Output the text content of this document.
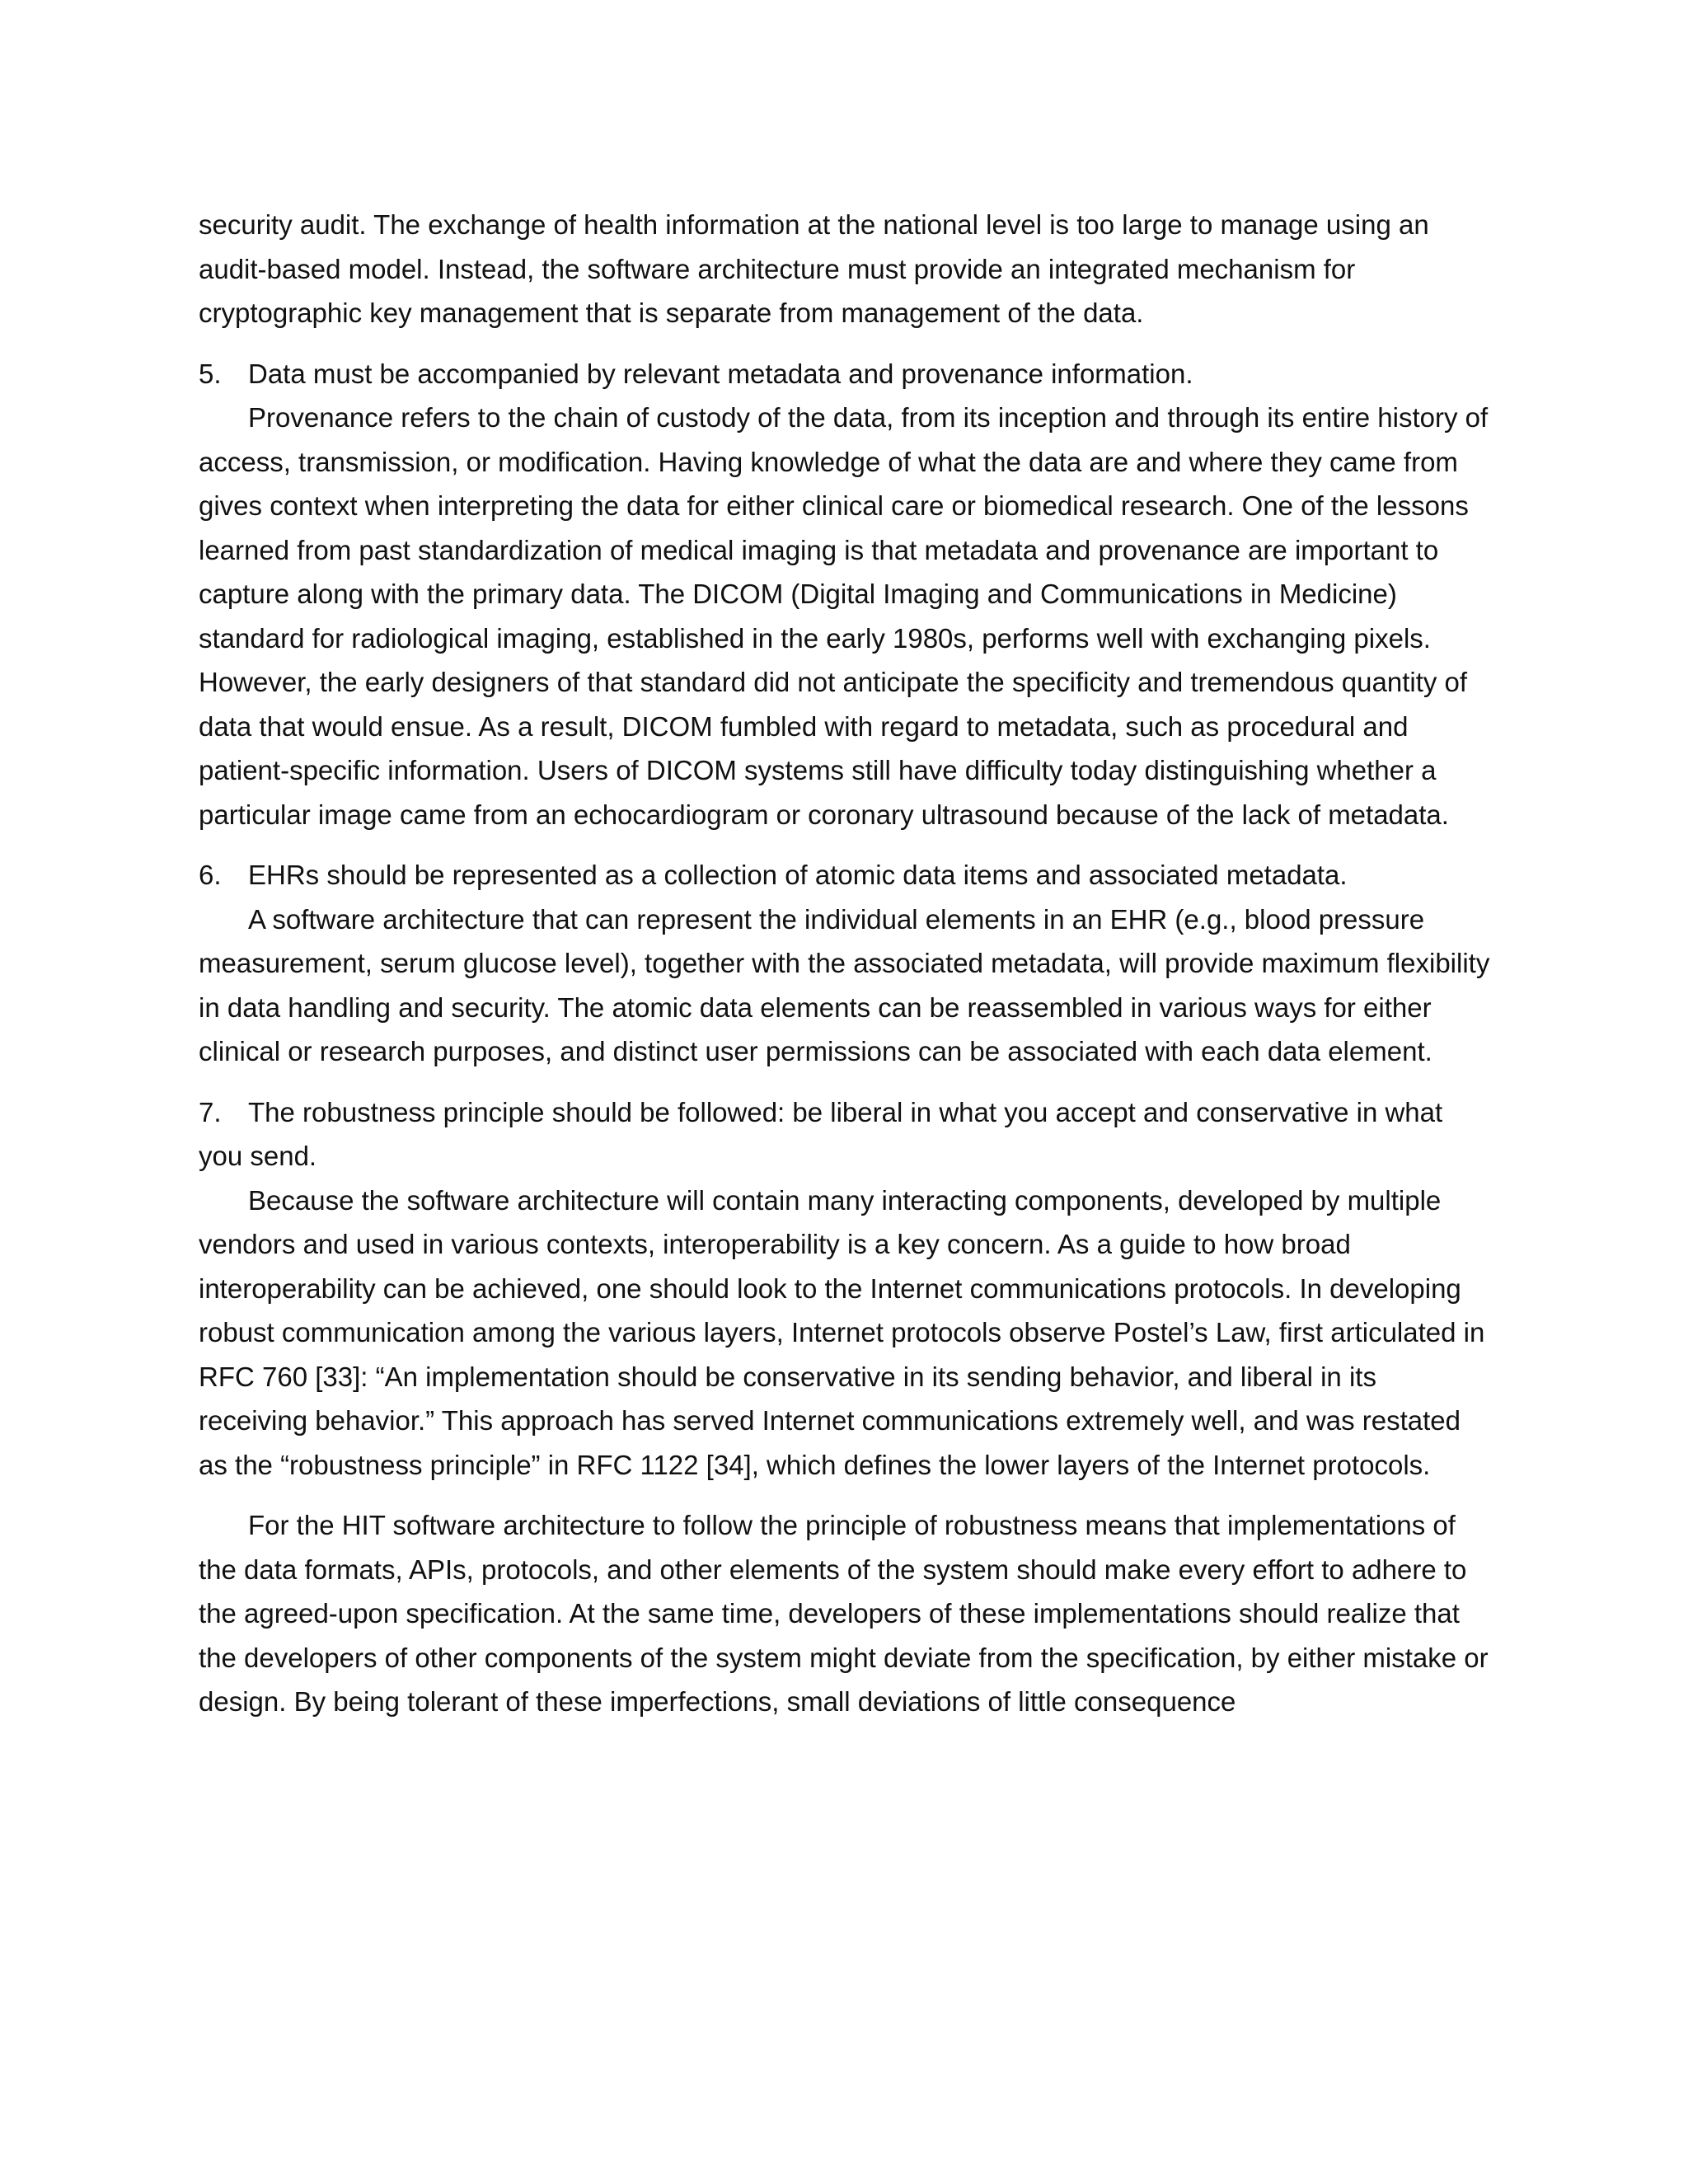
security audit. The exchange of health information at the national level is too large to manage using an audit-based model. Instead, the software architecture must provide an integrated mechanism for cryptographic key management that is separate from management of the data.

5. Data must be accompanied by relevant metadata and provenance information.

Provenance refers to the chain of custody of the data, from its inception and through its entire history of access, transmission, or modification. Having knowledge of what the data are and where they came from gives context when interpreting the data for either clinical care or biomedical research. One of the lessons learned from past standardization of medical imaging is that metadata and provenance are important to capture along with the primary data. The DICOM (Digital Imaging and Communications in Medicine) standard for radiological imaging, established in the early 1980s, performs well with exchanging pixels. However, the early designers of that standard did not anticipate the specificity and tremendous quantity of data that would ensue. As a result, DICOM fumbled with regard to metadata, such as procedural and patient-specific information. Users of DICOM systems still have difficulty today distinguishing whether a particular image came from an echocardiogram or coronary ultrasound because of the lack of metadata.

6. EHRs should be represented as a collection of atomic data items and associated metadata.

A software architecture that can represent the individual elements in an EHR (e.g., blood pressure measurement, serum glucose level), together with the associated metadata, will provide maximum flexibility in data handling and security. The atomic data elements can be reassembled in various ways for either clinical or research purposes, and distinct user permissions can be associated with each data element.

7. The robustness principle should be followed: be liberal in what you accept and conservative in what you send.

Because the software architecture will contain many interacting components, developed by multiple vendors and used in various contexts, interoperability is a key concern. As a guide to how broad interoperability can be achieved, one should look to the Internet communications protocols. In developing robust communication among the various layers, Internet protocols observe Postel’s Law, first articulated in RFC 760 [33]: “An implementation should be conservative in its sending behavior, and liberal in its receiving behavior.” This approach has served Internet communications extremely well, and was restated as the “robustness principle” in RFC 1122 [34], which defines the lower layers of the Internet protocols.

For the HIT software architecture to follow the principle of robustness means that implementations of the data formats, APIs, protocols, and other elements of the system should make every effort to adhere to the agreed-upon specification. At the same time, developers of these implementations should realize that the developers of other components of the system might deviate from the specification, by either mistake or design. By being tolerant of these imperfections, small deviations of little consequence
